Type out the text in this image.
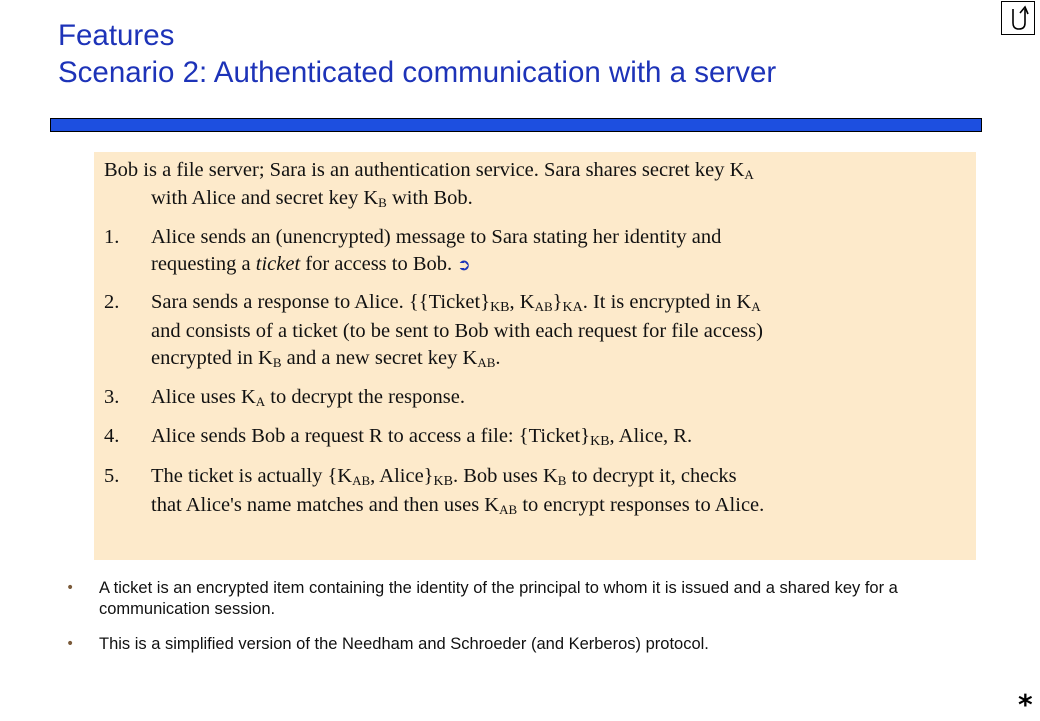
Features
Scenario 2: Authenticated communication with a server
Bob is a file server; Sara is an authentication service. Sara shares secret key KA
with Alice and secret key KB with Bob.
1. Alice sends an (unencrypted) message to Sara stating her identity and
requesting a ticket for access to Bob. ➲
2. Sara sends a response to Alice. {{Ticket}KB, KAB}KA. It is encrypted in KA
and consists of a ticket (to be sent to Bob with each request for file access)
encrypted in KB and a new secret key KAB.
3. Alice uses KA to decrypt the response.
4. Alice sends Bob a request R to access a file: {Ticket}KB, Alice, R.
5. The ticket is actually {KAB, Alice}KB. Bob uses KB to decrypt it, checks
that Alice's name matches and then uses KAB to encrypt responses to Alice.
• A ticket is an encrypted item containing the identity of the principal to whom it is issued and a shared key for a communication session.
• This is a simplified version of the Needham and Schroeder (and Kerberos) protocol.
*
